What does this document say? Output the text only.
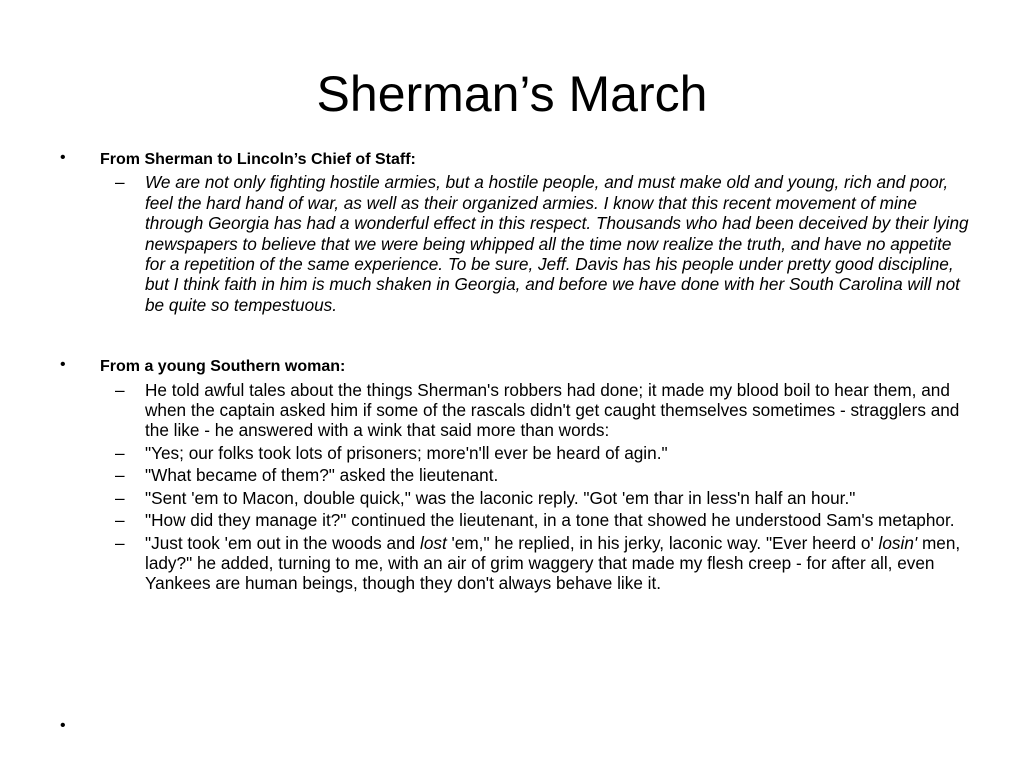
Sherman’s March
• From Sherman to Lincoln’s Chief of Staff:
– We are not only fighting hostile armies, but a hostile people, and must make old and young, rich and poor, feel the hard hand of war, as well as their organized armies. I know that this recent movement of mine through Georgia has had a wonderful effect in this respect. Thousands who had been deceived by their lying newspapers to believe that we were being whipped all the time now realize the truth, and have no appetite for a repetition of the same experience. To be sure, Jeff. Davis has his people under pretty good discipline, but I think faith in him is much shaken in Georgia, and before we have done with her South Carolina will not be quite so tempestuous.
• From a young Southern woman:
– He told awful tales about the things Sherman's robbers had done; it made my blood boil to hear them, and when the captain asked him if some of the rascals didn't get caught themselves sometimes - stragglers and the like - he answered with a wink that said more than words:
– "Yes; our folks took lots of prisoners; more'n'll ever be heard of agin."
– "What became of them?" asked the lieutenant.
– "Sent 'em to Macon, double quick," was the laconic reply. "Got 'em thar in less'n half an hour."
– "How did they manage it?" continued the lieutenant, in a tone that showed he understood Sam's metaphor.
– "Just took 'em out in the woods and lost 'em," he replied, in his jerky, laconic way. "Ever heerd o' losin' men, lady?" he added, turning to me, with an air of grim waggery that made my flesh creep - for after all, even Yankees are human beings, though they don't always behave like it.
•
